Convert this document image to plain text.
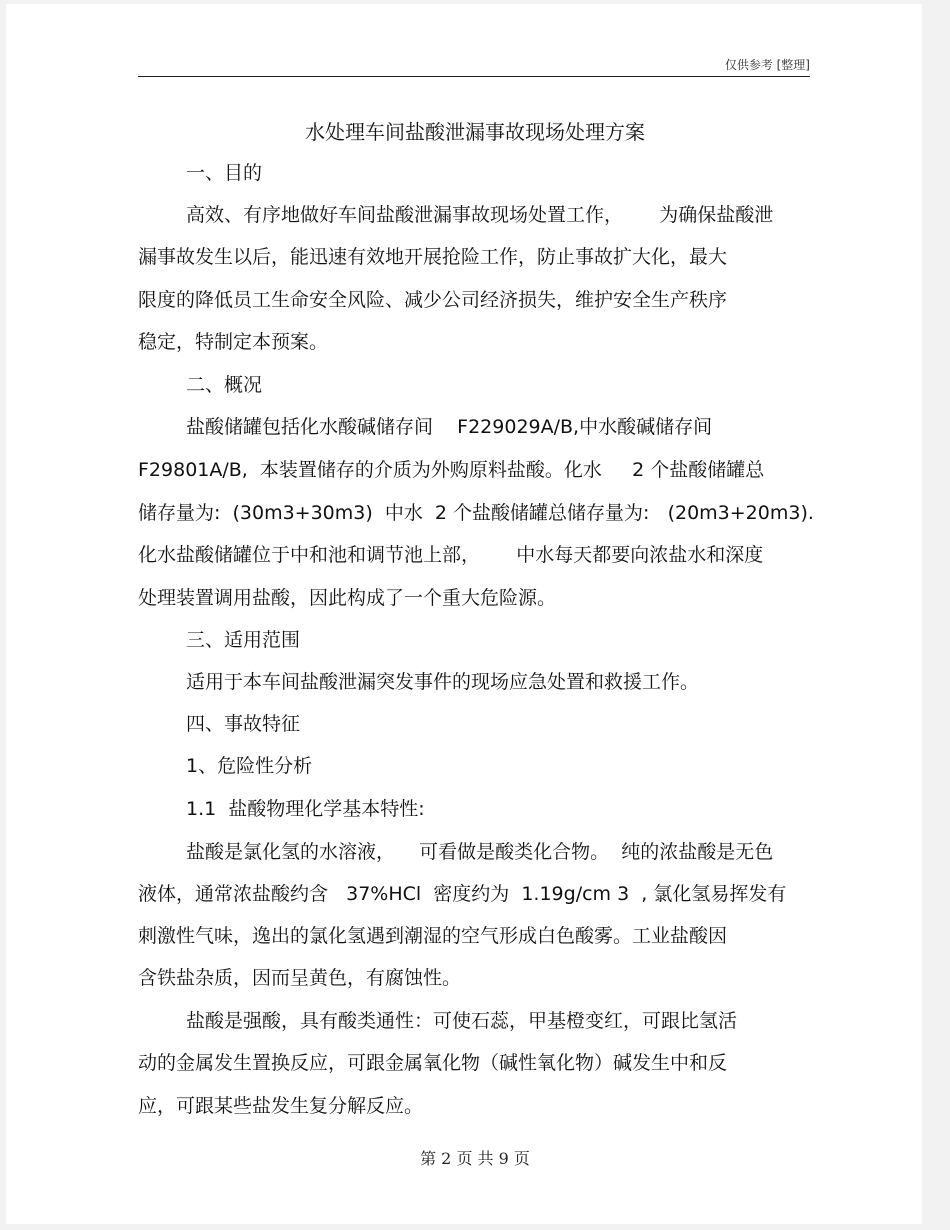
仅供参考 [整理]
水处理车间盐酸泄漏事故现场处理方案
一、目的
高效、有序地做好车间盐酸泄漏事故现场处置工作，      为确保盐酸泄
漏事故发生以后，能迅速有效地开展抢险工作，防止事故扩大化，最大
限度的降低员工生命安全风险、减少公司经济损失，维护安全生产秩序
稳定，特制定本预案。
二、概况
盐酸储罐包括化水酸碱储存间    F229029A/B,中水酸碱储存间
F29801A/B,  本装置储存的介质为外购原料盐酸。化水     2 个盐酸储罐总
储存量为:  (30m3+30m3)  中水  2 个盐酸储罐总储存量为:   (20m3+20m3).
化水盐酸储罐位于中和池和调节池上部，      中水每天都要向浓盐水和深度
处理装置调用盐酸，因此构成了一个重大危险源。
三、适用范围
适用于本车间盐酸泄漏突发事件的现场应急处置和救援工作。
四、事故特征
1、危险性分析
1.1  盐酸物理化学基本特性:
盐酸是氯化氢的水溶液，    可看做是酸类化合物。  纯的浓盐酸是无色
液体，通常浓盐酸约含   37%HCl  密度约为  1.19g/cm 3  , 氯化氢易挥发有
刺激性气味，逸出的氯化氢遇到潮湿的空气形成白色酸雾。工业盐酸因
含铁盐杂质，因而呈黄色，有腐蚀性。
盐酸是强酸，具有酸类通性：可使石蕊，甲基橙变红，可跟比氢活
动的金属发生置换反应，可跟金属氧化物（碱性氧化物）碱发生中和反
应，可跟某些盐发生复分解反应。
第 2 页 共 9 页
